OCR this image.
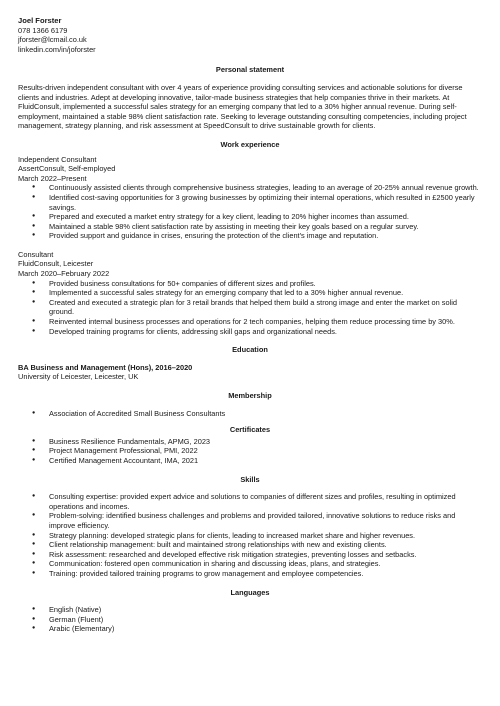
Joel Forster
078 1366 6179
jforster@lcmail.co.uk
linkedin.com/in/joforster
Personal statement

Results-driven independent consultant with over 4 years of experience providing consulting services and actionable solutions for diverse clients and industries. Adept at developing innovative, tailor-made business strategies that help companies thrive in their markets. At FluidConsult, implemented a successful sales strategy for an emerging company that led to a 30% higher annual revenue. During self-employment, maintained a stable 98% client satisfaction rate. Seeking to leverage outstanding consulting competencies, including project management, strategy planning, and risk assessment at SpeedConsult to drive sustainable growth for clients.

Work experience
Independent Consultant
AssertConsult, Self-employed
March 2022–Present
● Continuously assisted clients through comprehensive business strategies, leading to an average of 20-25% annual revenue growth.
● Identified cost-saving opportunities for 3 growing businesses by optimizing their internal operations, which resulted in £2500 yearly savings.
● Prepared and executed a market entry strategy for a key client, leading to 20% higher incomes than assumed.
● Maintained a stable 98% client satisfaction rate by assisting in meeting their key goals based on a regular survey.
● Provided support and guidance in crises, ensuring the protection of the client's image and reputation.
Consultant
FluidConsult, Leicester
March 2020–February 2022
● Provided business consultations for 50+ companies of different sizes and profiles.
● Implemented a successful sales strategy for an emerging company that led to a 30% higher annual revenue.
● Created and executed a strategic plan for 3 retail brands that helped them build a strong image and enter the market on solid ground.
● Reinvented internal business processes and operations for 2 tech companies, helping them reduce processing time by 30%.
● Developed training programs for clients, addressing skill gaps and organizational needs.
Education
BA Business and Management (Hons), 2016–2020
University of Leicester, Leicester, UK
Membership
● Association of Accredited Small Business Consultants
Certificates
● Business Resilience Fundamentals, APMG, 2023
● Project Management Professional, PMI, 2022
● Certified Management Accountant, IMA, 2021
Skills
● Consulting expertise: provided expert advice and solutions to companies of different sizes and profiles, resulting in optimized operations and incomes.
● Problem-solving: identified business challenges and problems and provided tailored, innovative solutions to reduce risks and improve efficiency.
● Strategy planning: developed strategic plans for clients, leading to increased market share and higher revenues.
● Client relationship management: built and maintained strong relationships with new and existing clients.
● Risk assessment: researched and developed effective risk mitigation strategies, preventing losses and setbacks.
● Communication: fostered open communication in sharing and discussing ideas, plans, and strategies.
● Training: provided tailored training programs to grow management and employee competencies.
Languages
● English (Native)
● German (Fluent)
● Arabic (Elementary)
